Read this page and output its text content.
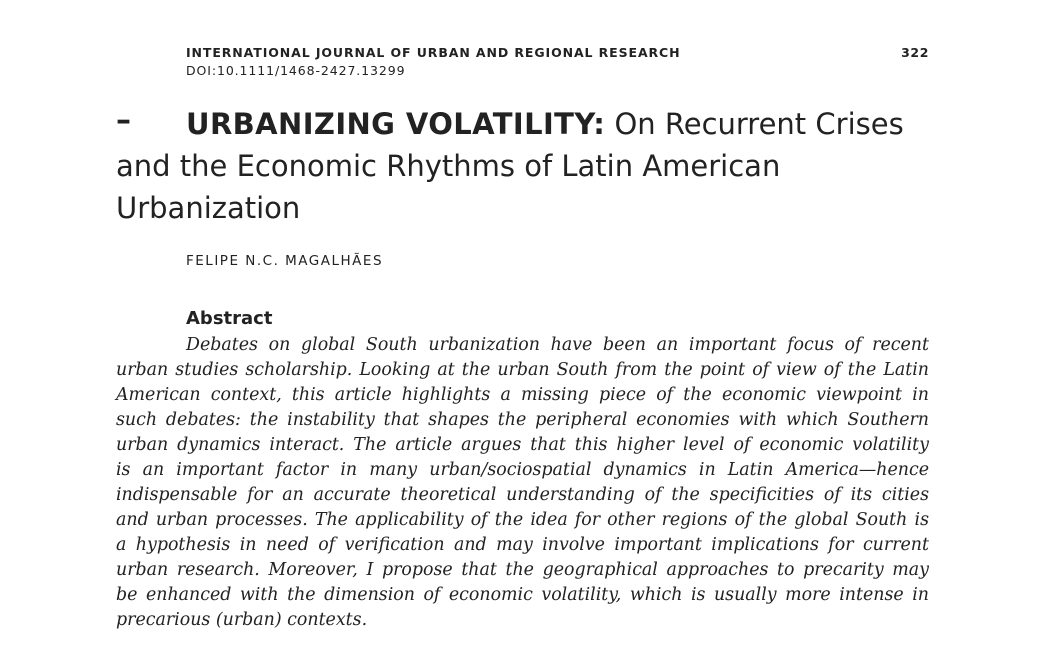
INTERNATIONAL JOURNAL OF URBAN AND REGIONAL RESEARCH	322
DOI:10.1111/1468-2427.13299
–	URBANIZING VOLATILITY: On Recurrent Crises and the Economic Rhythms of Latin American Urbanization
FELIPE N.C. MAGALHÃES
Abstract

Debates on global South urbanization have been an important focus of recent
urban studies scholarship. Looking at the urban South from the point of view of the Latin
American context, this article highlights a missing piece of the economic viewpoint in
such debates: the instability that shapes the peripheral economies with which Southern
urban dynamics interact. The article argues that this higher level of economic volatility
is an important factor in many urban/sociospatial dynamics in Latin America—hence
indispensable for an accurate theoretical understanding of the specificities of its cities
and urban processes. The applicability of the idea for other regions of the global South is
a hypothesis in need of verification and may involve important implications for current
urban research. Moreover, I propose that the geographical approaches to precarity may
be enhanced with the dimension of economic volatility, which is usually more intense in
precarious (urban) contexts.
